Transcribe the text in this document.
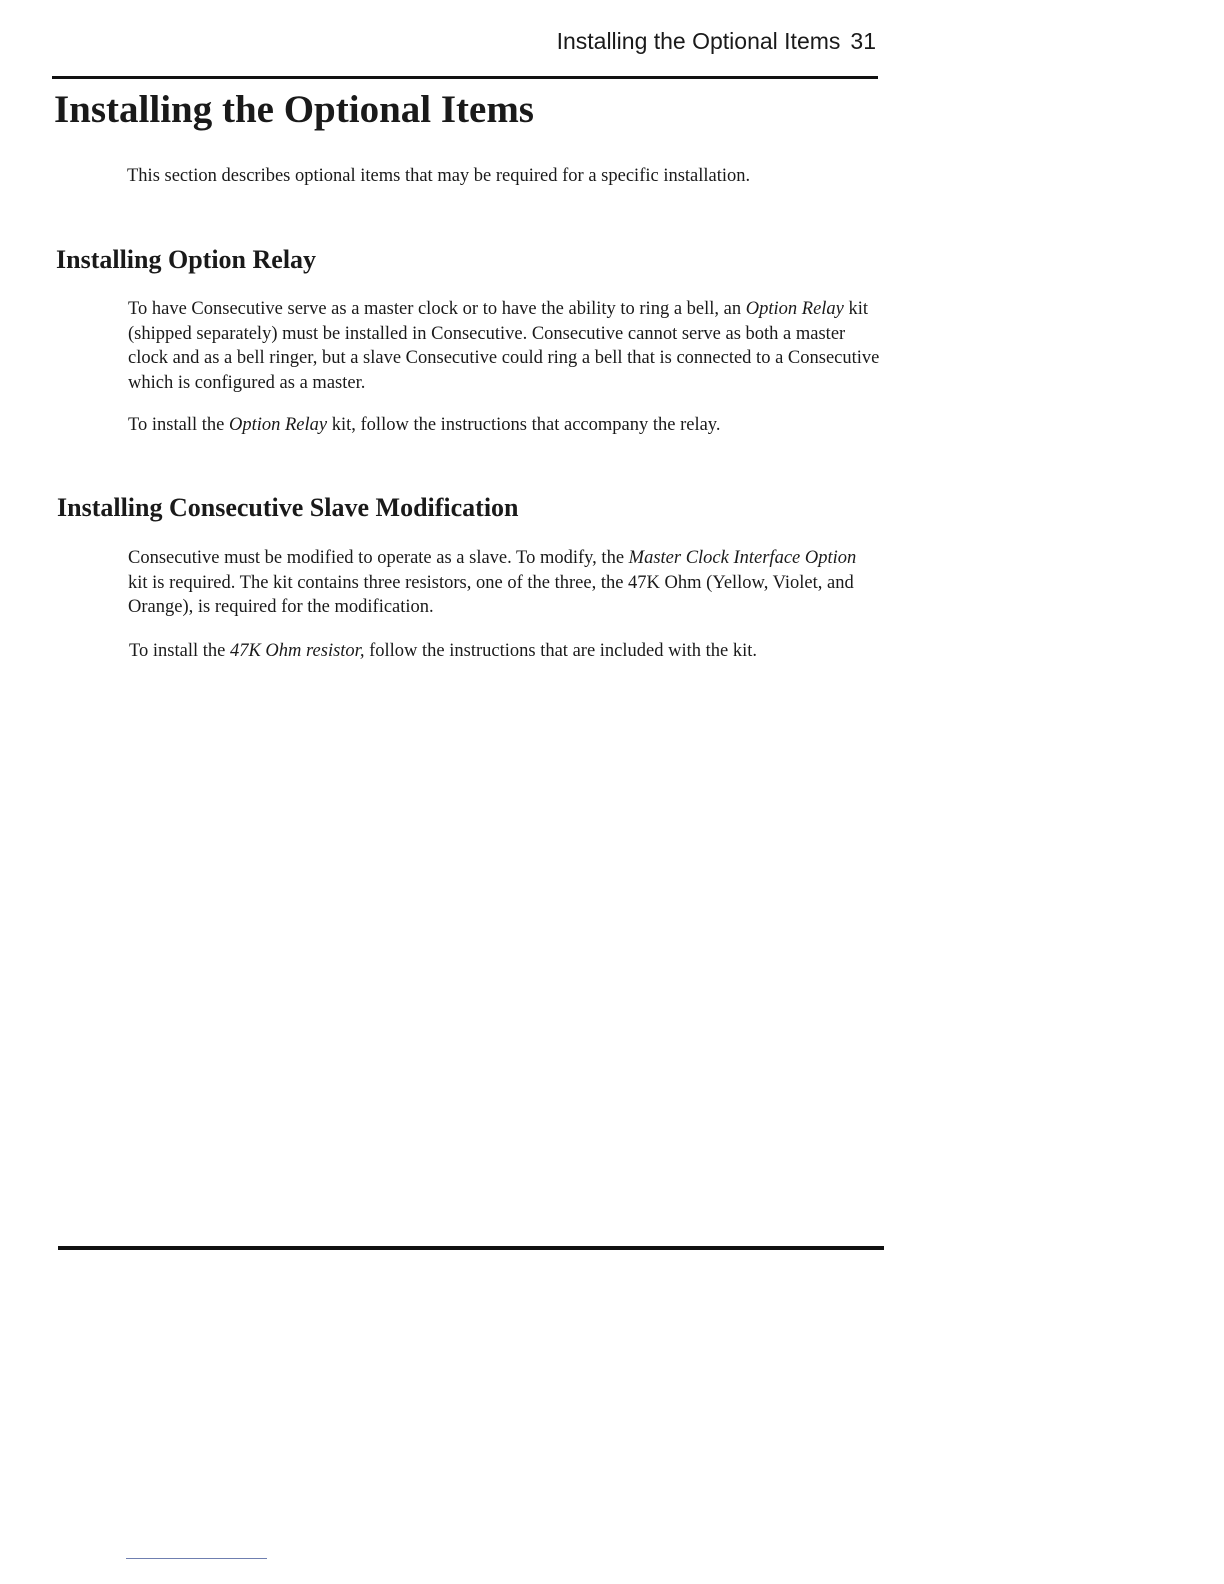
Installing the Optional Items 31
Installing the Optional Items

This section describes optional items that may be required for a specific installation.

Installing Option Relay

To have Consecutive serve as a master clock or to have the ability to ring a bell, an Option Relay kit (shipped separately) must be installed in Consecutive. Consecutive cannot serve as both a master clock and as a bell ringer, but a slave Consecutive could ring a bell that is connected to a Consecutive which is configured as a master.

To install the Option Relay kit, follow the instructions that accompany the relay.

Installing Consecutive Slave Modification

Consecutive must be modified to operate as a slave. To modify, the Master Clock Interface Option kit is required. The kit contains three resistors, one of the three, the 47K Ohm (Yellow, Violet, and Orange), is required for the modification.

To install the 47K Ohm resistor, follow the instructions that are included with the kit.
